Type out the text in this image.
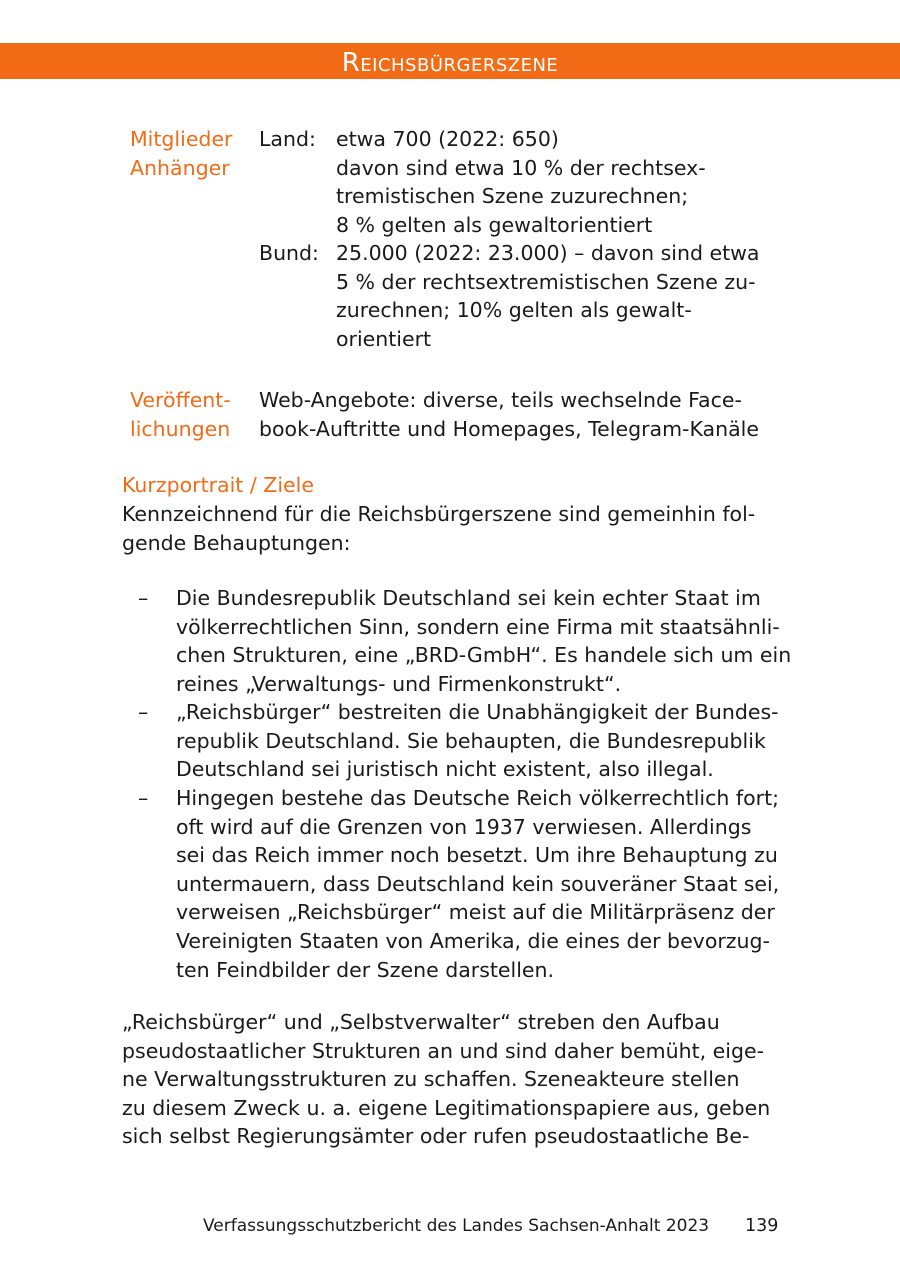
Reichsbürgerszene
Mitglieder
Anhänger
Land: etwa 700 (2022: 650)
davon sind etwa 10 % der rechtsex-
tremistischen Szene zuzurechnen;
8 % gelten als gewaltorientiert
Bund: 25.000 (2022: 23.000) – davon sind etwa
5 % der rechtsextremistischen Szene zu-
zurechnen; 10% gelten als gewalt-
orientiert
Veröffent-
lichungen
Web-Angebote: diverse, teils wechselnde Face-
book-Auftritte und Homepages, Telegram-Kanäle
Kurzportrait / Ziele
Kennzeichnend für die Reichsbürgerszene sind gemeinhin fol-
gende Behauptungen:
– Die Bundesrepublik Deutschland sei kein echter Staat im
völkerrechtlichen Sinn, sondern eine Firma mit staatsähnli-
chen Strukturen, eine „BRD-GmbH“. Es handele sich um ein
reines „Verwaltungs- und Firmenkonstrukt“.
– „Reichsbürger“ bestreiten die Unabhängigkeit der Bundes-
republik Deutschland. Sie behaupten, die Bundesrepublik
Deutschland sei juristisch nicht existent, also illegal.
– Hingegen bestehe das Deutsche Reich völkerrechtlich fort;
oft wird auf die Grenzen von 1937 verwiesen. Allerdings
sei das Reich immer noch besetzt. Um ihre Behauptung zu
untermauern, dass Deutschland kein souveräner Staat sei,
verweisen „Reichsbürger“ meist auf die Militärpräsenz der
Vereinigten Staaten von Amerika, die eines der bevorzug-
ten Feindbilder der Szene darstellen.
„Reichsbürger“ und „Selbstverwalter“ streben den Aufbau
pseudostaatlicher Strukturen an und sind daher bemüht, eige-
ne Verwaltungsstrukturen zu schaffen. Szeneakteure stellen
zu diesem Zweck u. a. eigene Legitimationspapiere aus, geben
sich selbst Regierungsämter oder rufen pseudostaatliche Be-
Verfassungsschutzbericht des Landes Sachsen-Anhalt 2023 139
